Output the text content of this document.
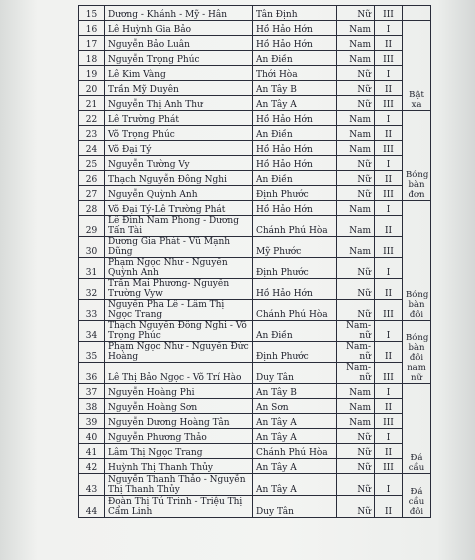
15	Dương - Khánh - Mỹ - Hân	Tân Định	Nữ	III	
16	Lê Huỳnh Gia Bảo	Hồ Hảo Hớn	Nam	I	Bật xa
17	Nguyễn Bảo Luân	Hồ Hảo Hớn	Nam	II	
18	Nguyễn Trọng Phúc	An Điền	Nam	III	
19	Lê Kim Vàng	Thới Hòa	Nữ	I	
20	Trần Mỹ Duyên	An Tây B	Nữ	II	
21	Nguyễn Thị Anh Thư	An Tây A	Nữ	III	
22	Lê Trường Phát	Hồ Hảo Hớn	Nam	I	Bóng bàn đơn
23	Võ Trọng Phúc	An Điền	Nam	II	
24	Võ Đại Tý	Hồ Hảo Hớn	Nam	III	
25	Nguyễn Tường Vy	Hồ Hảo Hớn	Nữ	I	
26	Thạch Nguyễn Đông Nghi	An Điền	Nữ	II	
27	Nguyễn Quỳnh Anh	Định Phước	Nữ	III	
28	Võ Đại Tý-Lê Trường Phát	Hồ Hảo Hớn	Nam	I	Bóng bàn đôi
29	Lê Đình Nam Phong - Dương Tấn Tài	Chánh Phú Hòa	Nam	II	
30	Dương Gia Phát - Vũ Mạnh Dũng	Mỹ Phước	Nam	III	
31	Phạm Ngọc Như - Nguyễn Quỳnh Anh	Định Phước	Nữ	I	
32	Trần Mai Phương- Nguyễn Trường Vyw	Hồ Hảo Hớn	Nữ	II	
33	Nguyễn Pha Lê - Lâm Thị Ngọc Trang	Chánh Phú Hòa	Nữ	III	
34	Thạch Nguyễn Đông Nghi - Võ Trọng Phúc	An Điền	Nam-nữ	I	Bóng bàn đôi nam nữ
35	Phạm Ngọc Như - Nguyễn Đức Hoàng	Định Phước	Nam-nữ	II	
36	Lê Thị Bảo Ngọc - Võ Trí Hào	Duy Tân	Nam-nữ	III	
37	Nguyễn Hoàng Phi	An Tây B	Nam	I	Đá cầu
38	Nguyễn Hoàng Sơn	An Sơn	Nam	II	
39	Nguyễn Dương Hoàng Tân	An Tây A	Nam	III	
40	Nguyễn Phương Thảo	An Tây A	Nữ	I	
41	Lâm Thị Ngọc Trang	Chánh Phú Hòa	Nữ	II	
42	Huỳnh Thị Thanh Thủy	An Tây A	Nữ	III	
43	Nguyễn Thanh Thảo - Nguyễn Thị Thanh Thủy	An Tây A	Nữ	I	Đá cầu đôi
44	Đoàn Thị Tú Trinh - Triệu Thị Cẩm Linh	Duy Tân	Nữ	II	
